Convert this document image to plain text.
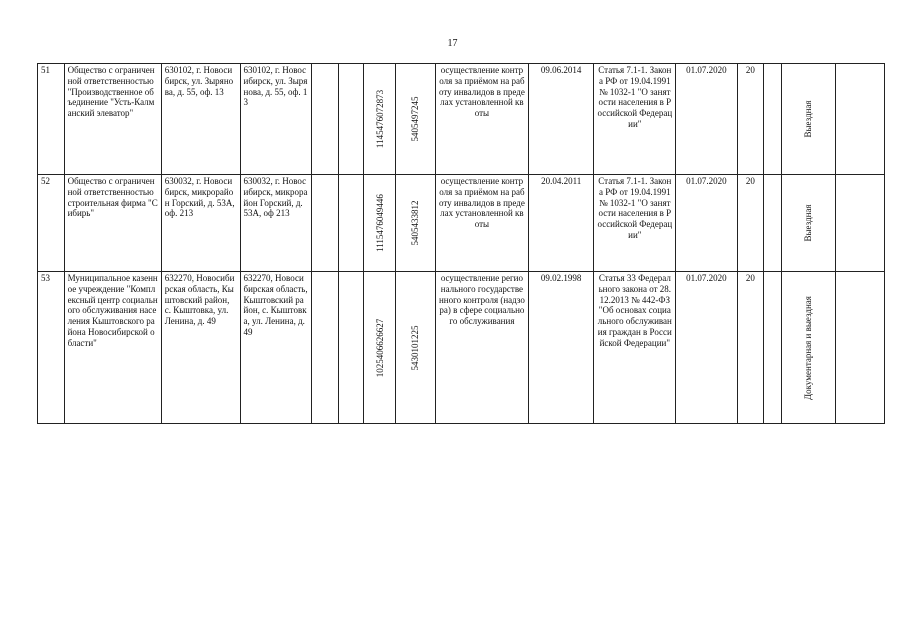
17
51	Общество с ограниченной ответственностью "Производственное объединение "Усть-Калманский элеватор"	630102, г. Новосибирск, ул. Зырянова, д. 55, оф. 13	630102, г. Новосибирск, ул. Зырянова, д. 55, оф. 13			1145476072873	5405497245	осуществление контроля за приёмом на работу инвалидов в пределах установленной квоты	09.06.2014	Статья 7.1-1. Закона РФ от 19.04.1991 № 1032-1 "О занятости населения в Российской Федерации"	01.07.2020	20		Выездная	

52	Общество с ограниченной ответственностью строительная фирма "Сибирь"	630032, г. Новосибирск, микрорайон Горский, д. 53А, оф. 213	630032, г. Новосибирск, микрорайон Горский, д. 53А, оф 213			1115476049446	5405433812	осуществление контроля за приёмом на работу инвалидов в пределах установленной квоты	20.04.2011	Статья 7.1-1. Закона РФ от 19.04.1991 № 1032-1 "О занятости населения в Российской Федерации"	01.07.2020	20		Выездная	

53	Муниципальное казенное учреждение "Комплексный центр социального обслуживания населения Кыштовского района Новосибирской области"	632270, Новосибирская область, Кыштовский район, с. Кыштовка, ул. Ленина, д. 49	632270, Новосибирская область, Кыштовский район, с. Кыштовка, ул. Ленина, д. 49			1025406626627	5430101225	осуществление регионального государственного контроля (надзора) в сфере социального обслуживания	09.02.1998	Статья 33 Федерального закона от 28.12.2013 № 442-ФЗ "Об основах социального обслуживания граждан в Российской Федерации"	01.07.2020	20		Документарная и выездная	
